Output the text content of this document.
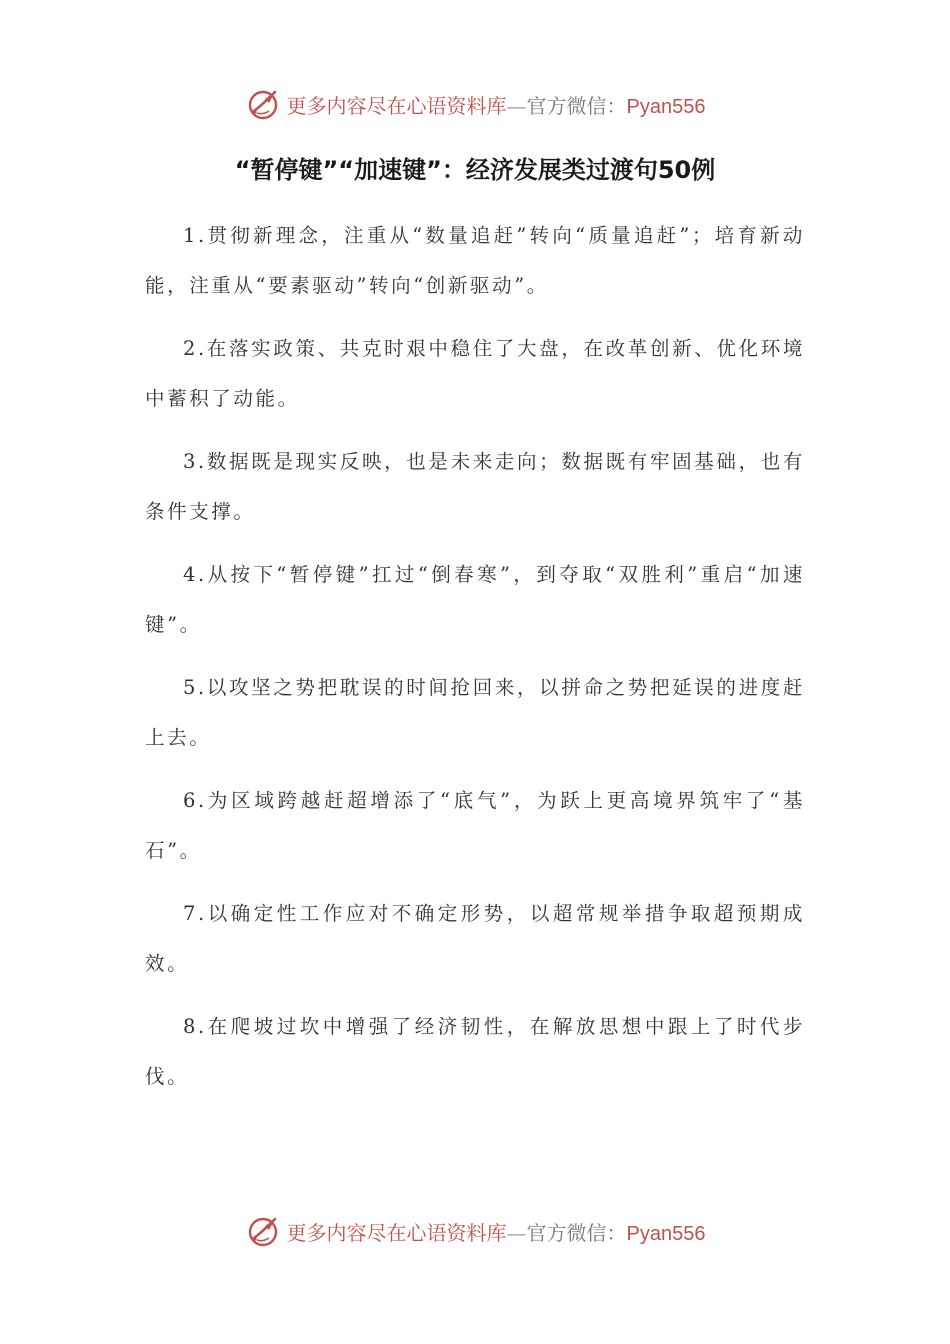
更多内容尽在心语资料库—官方微信：Pyan556
“暂停键”“加速键”：经济发展类过渡句50例

1.贯彻新理念，注重从“数量追赶”转向“质量追赶”；培育新动能，注重从“要素驱动”转向“创新驱动”。

2.在落实政策、共克时艰中稳住了大盘，在改革创新、优化环境中蓄积了动能。

3.数据既是现实反映，也是未来走向；数据既有牢固基础，也有条件支撑。

4.从按下“暂停键”扛过“倒春寒”，到夺取“双胜利”重启“加速键”。

5.以攻坚之势把耽误的时间抢回来，以拼命之势把延误的进度赶上去。

6.为区域跨越赶超增添了“底气”，为跃上更高境界筑牢了“基石”。

7.以确定性工作应对不确定形势，以超常规举措争取超预期成效。

8.在爬坡过坎中增强了经济韧性，在解放思想中跟上了时代步伐。

更多内容尽在心语资料库—官方微信：Pyan556
